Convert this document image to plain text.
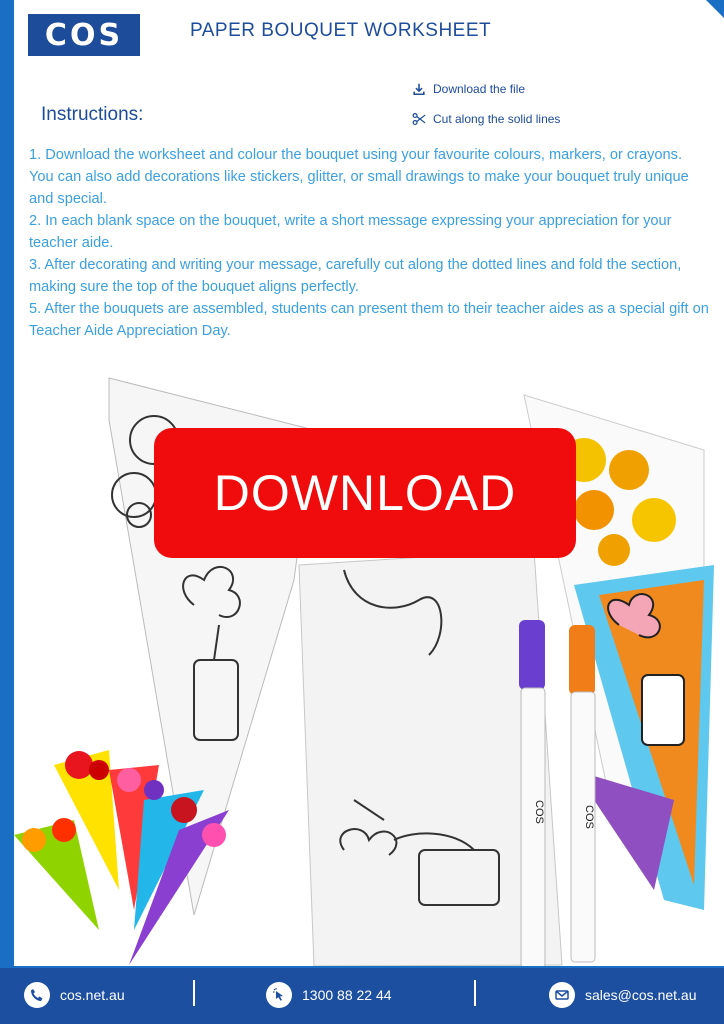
COS	PAPER BOUQUET WORKSHEET
Download the file
Cut along the solid lines
Instructions:

1. Download the worksheet and colour the bouquet using your favourite colours, markers, or crayons. You can also add decorations like stickers, glitter, or small drawings to make your bouquet truly unique and special.

2. In each blank space on the bouquet, write a short message expressing your appreciation for your teacher aide.

3. After decorating and writing your message, carefully cut along the dotted lines and fold the section, making sure the top of the bouquet aligns perfectly.

5. After the bouquets are assembled, students can present them to their teacher aides as a special gift on Teacher Aide Appreciation Day.

COS	COS
DOWNLOAD
cos.net.au	1300 88 22 44	sales@cos.net.au
